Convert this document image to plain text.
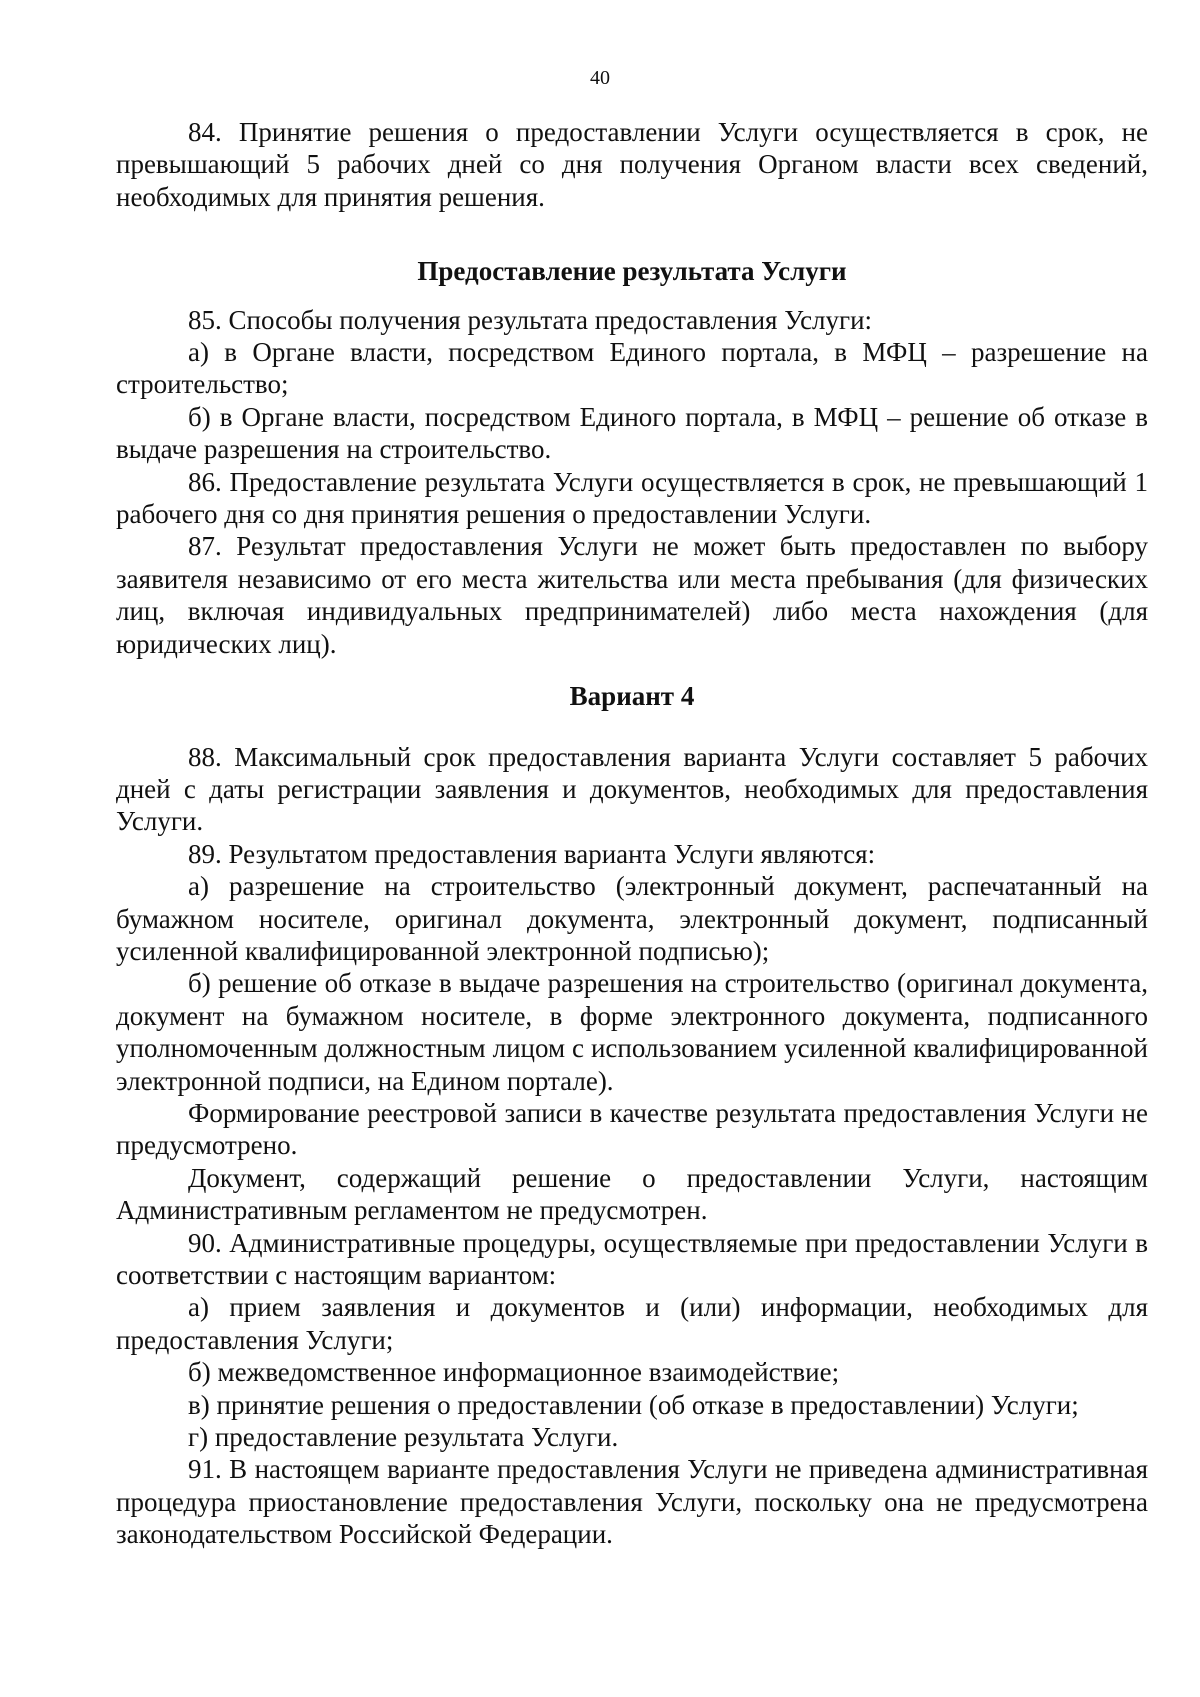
40

84. Принятие решения о предоставлении Услуги осуществляется в срок, не превышающий 5 рабочих дней со дня получения Органом власти всех сведений, необходимых для принятия решения.

Предоставление результата Услуги

85. Способы получения результата предоставления Услуги:

а) в Органе власти, посредством Единого портала, в МФЦ – разрешение на строительство;

б) в Органе власти, посредством Единого портала, в МФЦ – решение об отказе в выдаче разрешения на строительство.

86. Предоставление результата Услуги осуществляется в срок, не превышающий 1 рабочего дня со дня принятия решения о предоставлении Услуги.

87. Результат предоставления Услуги не может быть предоставлен по выбору заявителя независимо от его места жительства или места пребывания (для физических лиц, включая индивидуальных предпринимателей) либо места нахождения (для юридических лиц).

Вариант 4

88. Максимальный срок предоставления варианта Услуги составляет 5 рабочих дней с даты регистрации заявления и документов, необходимых для предоставления Услуги.

89. Результатом предоставления варианта Услуги являются:

а) разрешение на строительство (электронный документ, распечатанный на бумажном носителе, оригинал документа, электронный документ, подписанный усиленной квалифицированной электронной подписью);

б) решение об отказе в выдаче разрешения на строительство (оригинал документа, документ на бумажном носителе, в форме электронного документа, подписанного уполномоченным должностным лицом с использованием усиленной квалифицированной электронной подписи, на Едином портале).

Формирование реестровой записи в качестве результата предоставления Услуги не предусмотрено.

Документ, содержащий решение о предоставлении Услуги, настоящим Административным регламентом не предусмотрен.

90. Административные процедуры, осуществляемые при предоставлении Услуги в соответствии с настоящим вариантом:

а) прием заявления и документов и (или) информации, необходимых для предоставления Услуги;

б) межведомственное информационное взаимодействие;

в) принятие решения о предоставлении (об отказе в предоставлении) Услуги;

г) предоставление результата Услуги.

91. В настоящем варианте предоставления Услуги не приведена административная процедура приостановление предоставления Услуги, поскольку она не предусмотрена законодательством Российской Федерации.
